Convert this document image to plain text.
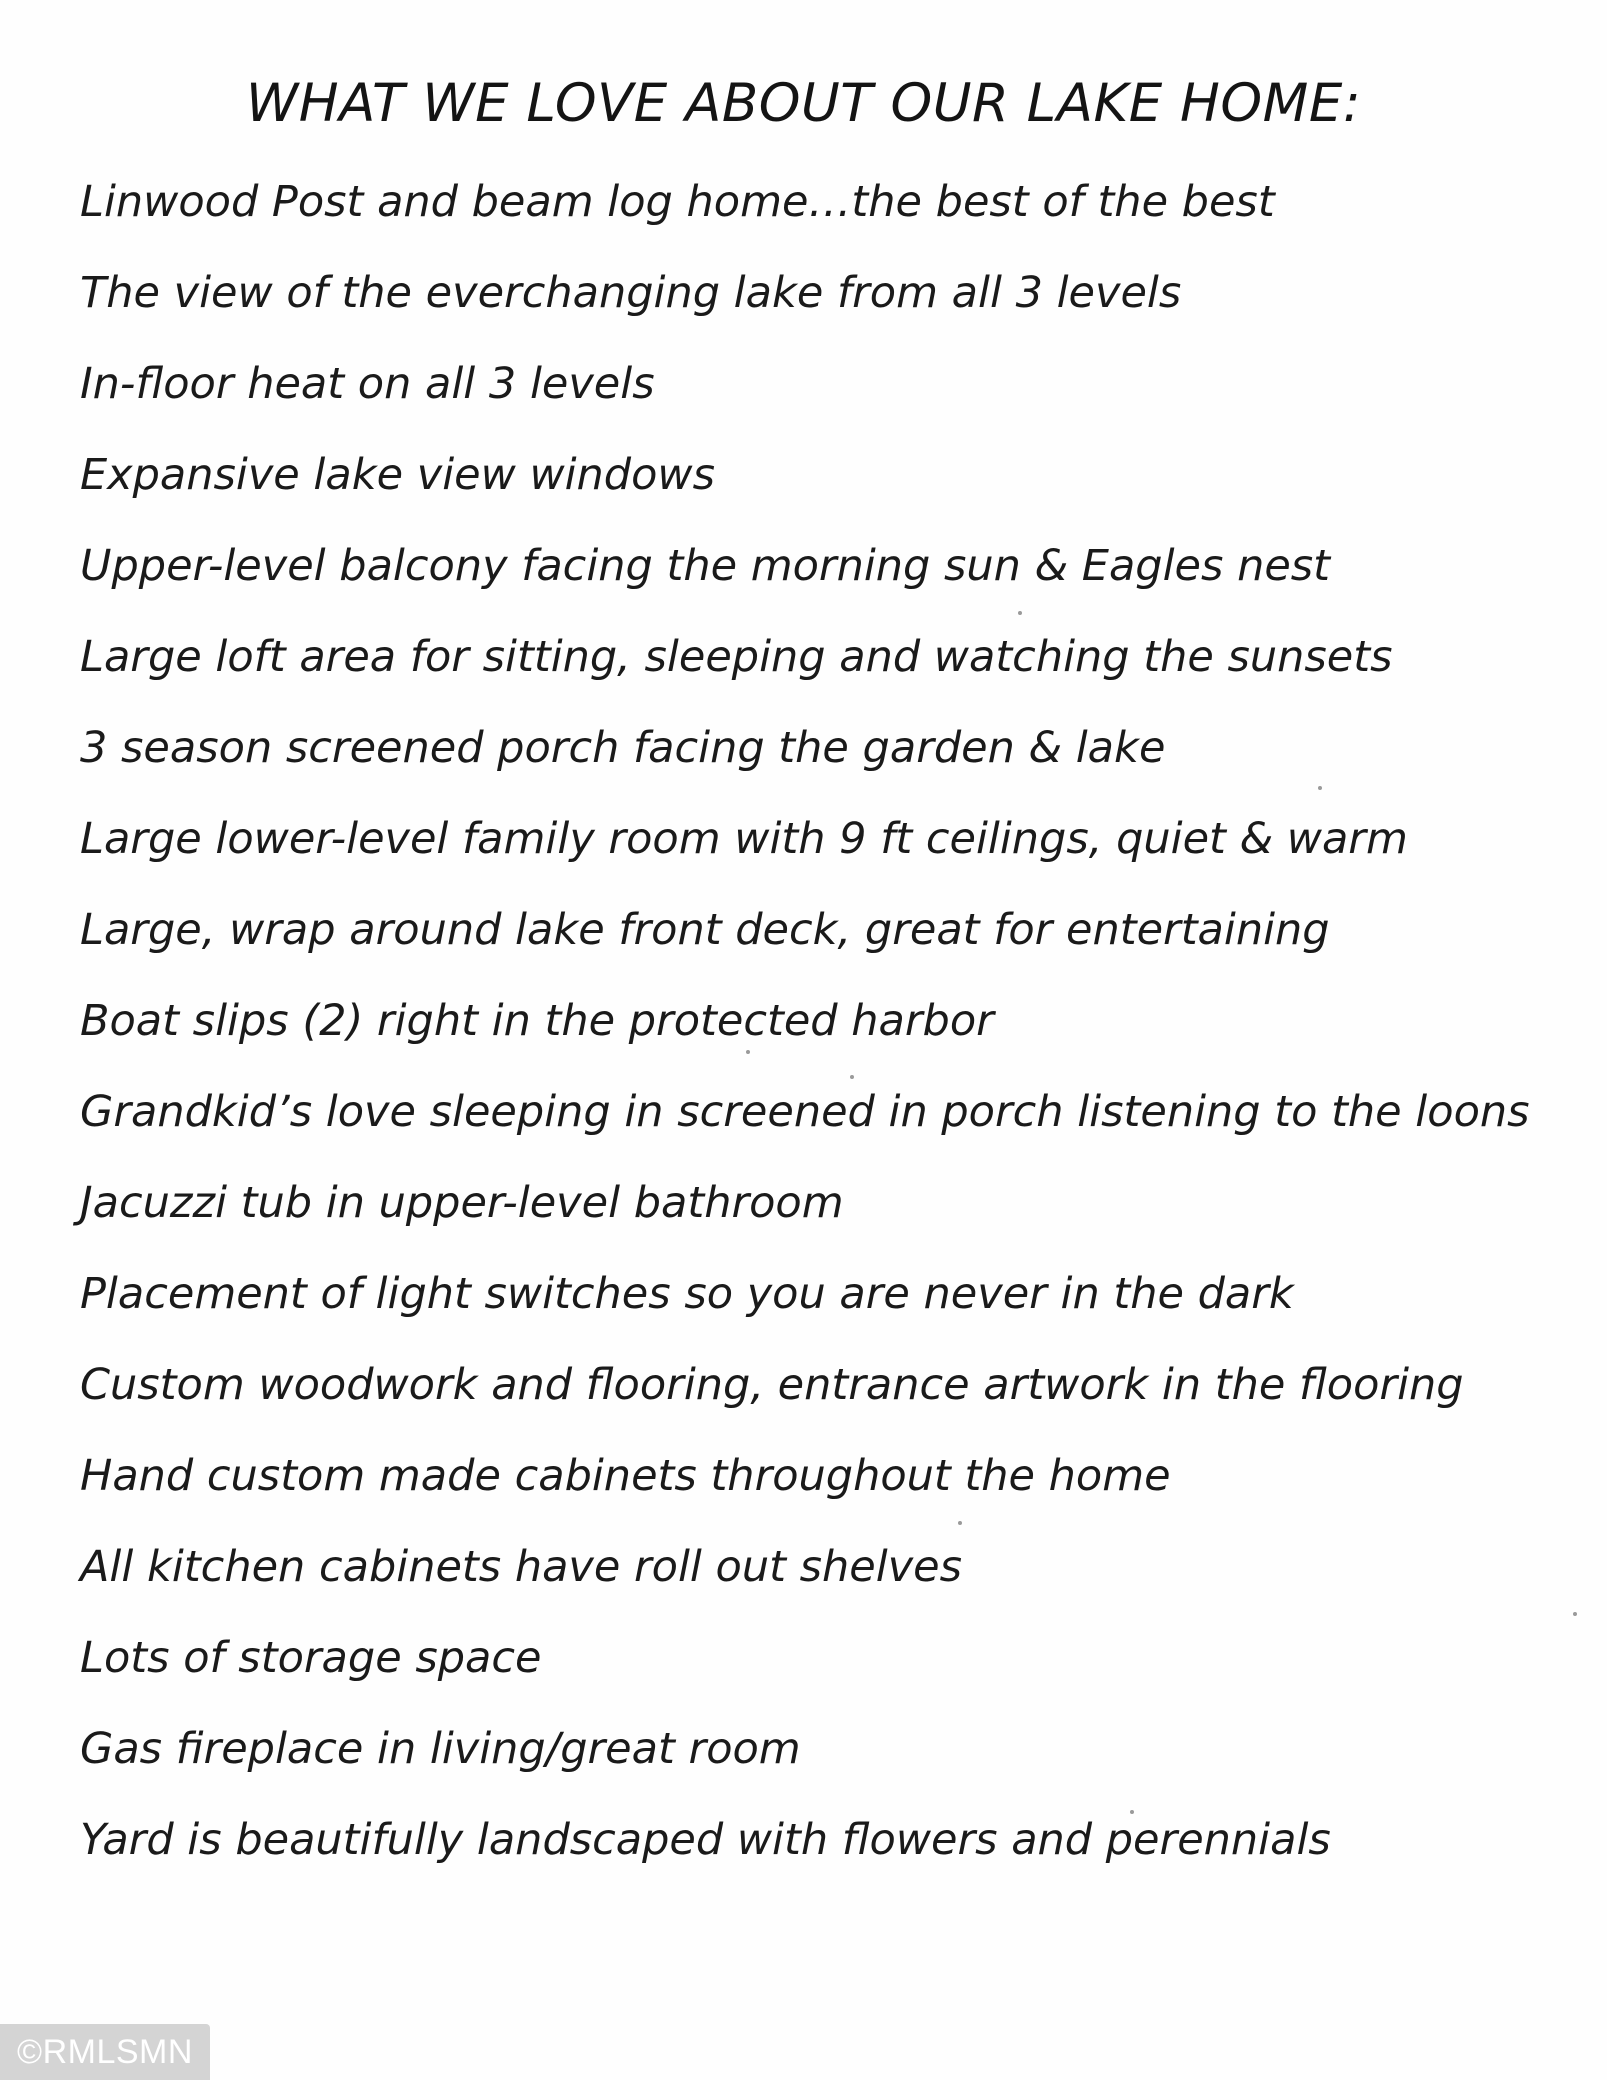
WHAT WE LOVE ABOUT OUR LAKE HOME:
Linwood Post and beam log home…the best of the best
The view of the everchanging lake from all 3 levels
In-floor heat on all 3 levels
Expansive lake view windows
Upper-level balcony facing the morning sun & Eagles nest
Large loft area for sitting, sleeping and watching the sunsets
3 season screened porch facing the garden & lake
Large lower-level family room with 9 ft ceilings, quiet & warm
Large, wrap around lake front deck, great for entertaining
Boat slips (2) right in the protected harbor
Grandkid’s love sleeping in screened in porch listening to the loons
Jacuzzi tub in upper-level bathroom
Placement of light switches so you are never in the dark
Custom woodwork and flooring, entrance artwork in the flooring
Hand custom made cabinets throughout the home
All kitchen cabinets have roll out shelves
Lots of storage space
Gas fireplace in living/great room
Yard is beautifully landscaped with flowers and perennials
©RMLSMN
